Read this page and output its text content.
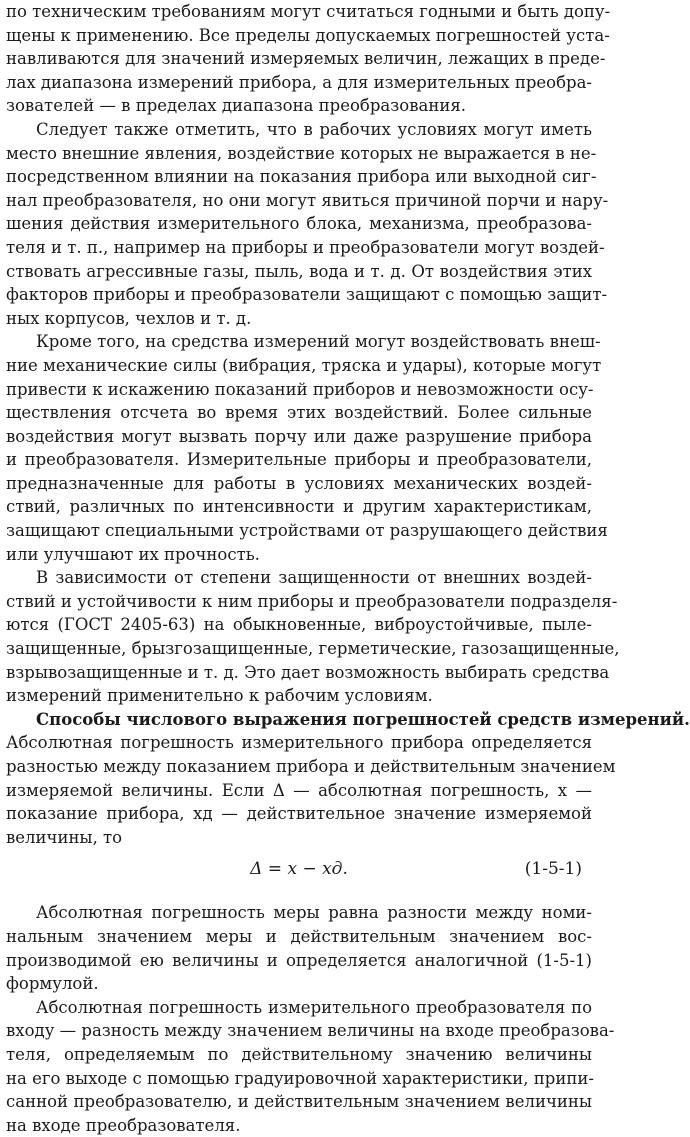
по техническим требованиям могут считаться годными и быть допу-
щены к применению. Все пределы допускаемых погрешностей уста-
навливаются для значений измеряемых величин, лежащих в преде-
лах диапазона измерений прибора, а для измерительных преобра-
зователей — в пределах диапазона преобразования.
Следует также отметить, что в рабочих условиях могут иметь
место внешние явления, воздействие которых не выражается в не-
посредственном влиянии на показания прибора или выходной сиг-
нал преобразователя, но они могут явиться причиной порчи и нару-
шения действия измерительного блока, механизма, преобразова-
теля и т. п., например на приборы и преобразователи могут воздей-
ствовать агрессивные газы, пыль, вода и т. д. От воздействия этих
факторов приборы и преобразователи защищают с помощью защит-
ных корпусов, чехлов и т. д.
Кроме того, на средства измерений могут воздействовать внеш-
ние механические силы (вибрация, тряска и удары), которые могут
привести к искажению показаний приборов и невозможности осу-
ществления отсчета во время этих воздействий. Более сильные
воздействия могут вызвать порчу или даже разрушение прибора
и преобразователя. Измерительные приборы и преобразователи,
предназначенные для работы в условиях механических воздей-
ствий, различных по интенсивности и другим характеристикам,
защищают специальными устройствами от разрушающего действия
или улучшают их прочность.
В зависимости от степени защищенности от внешних воздей-
ствий и устойчивости к ним приборы и преобразователи подразделя-
ются (ГОСТ 2405-63) на обыкновенные, виброустойчивые, пыле-
защищенные, брызгозащищенные, герметические, газозащищенные,
взрывозащищенные и т. д. Это дает возможность выбирать средства
измерений применительно к рабочим условиям.
Способы числового выражения погрешностей средств измерений.
Абсолютная погрешность измерительного прибора определяется
разностью между показанием прибора и действительным значением
измеряемой величины. Если Δ — абсолютная погрешность, x —
показание прибора, xд — действительное значение измеряемой
величины, то
Δ = x − xд.	(1-5-1)
Абсолютная погрешность меры равна разности между номи-
нальным значением меры и действительным значением вос-
производимой ею величины и определяется аналогичной (1-5-1)
формулой.
Абсолютная погрешность измерительного преобразователя по
входу — разность между значением величины на входе преобразова-
теля, определяемым по действительному значению величины
на его выходе с помощью градуировочной характеристики, припи-
санной преобразователю, и действительным значением величины
на входе преобразователя.
